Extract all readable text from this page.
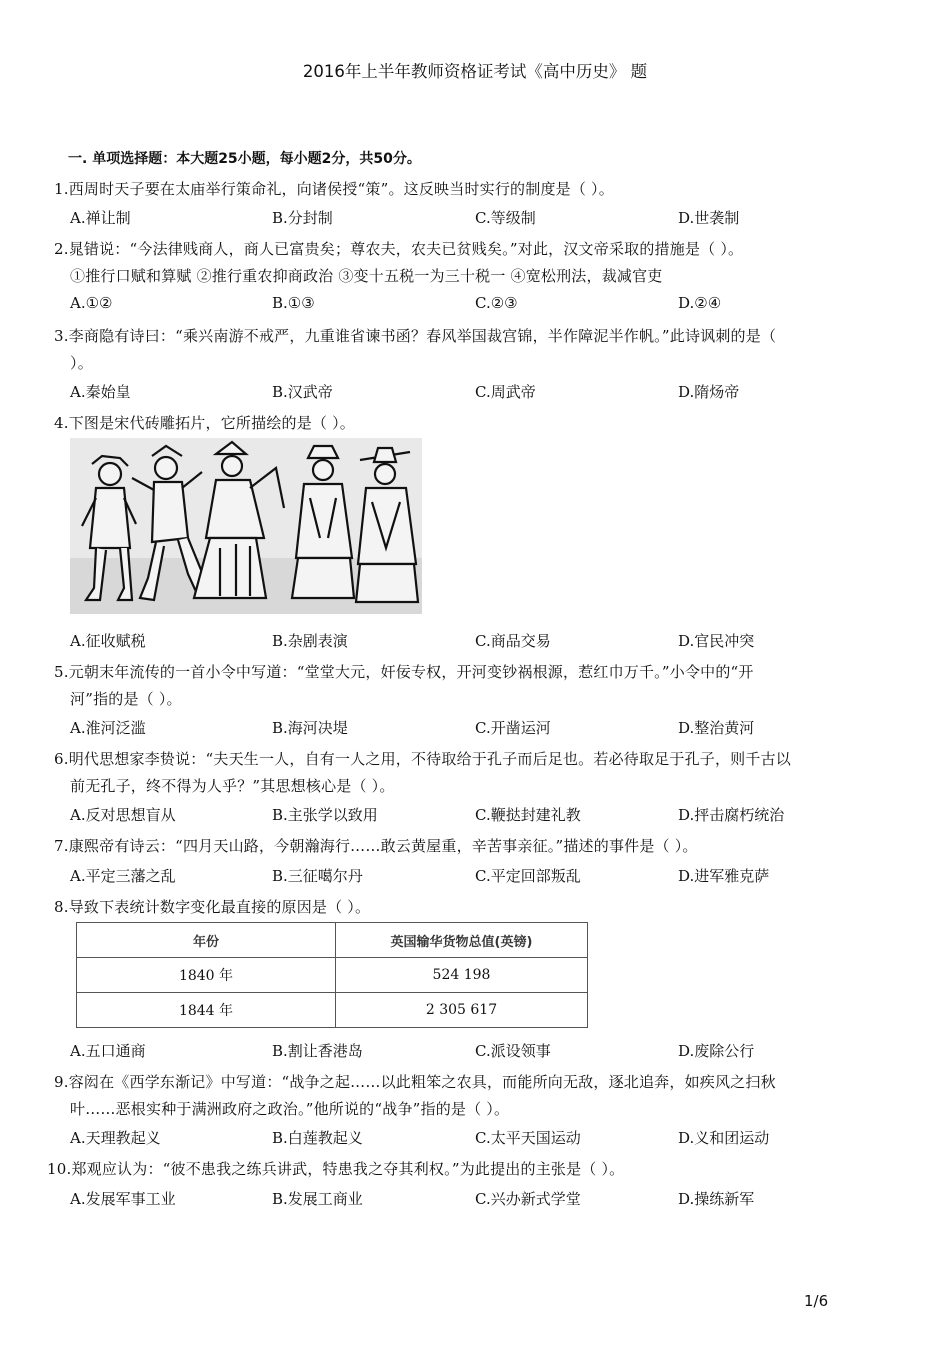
2016年上半年教师资格证考试《高中历史》 题
一. 单项选择题：本大题25小题，每小题2分，共50分。
1.西周时天子要在太庙举行策命礼，向诸侯授“策”。这反映当时实行的制度是（ ）。
A.禅让制	B.分封制	C.等级制	D.世袭制
2.晁错说：“今法律贱商人，商人已富贵矣；尊农夫，农夫已贫贱矣。”对此，汉文帝采取的措施是（ ）。
①推行口赋和算赋 ②推行重农抑商政治 ③变十五税一为三十税一 ④宽松刑法，裁减官吏
A.①②	B.①③	C.②③	D.②④
3.李商隐有诗曰：“乘兴南游不戒严，九重谁省谏书函？春风举国裁宫锦，半作障泥半作帆。”此诗讽刺的是（
）。
A.秦始皇	B.汉武帝	C.周武帝	D.隋炀帝
4.下图是宋代砖雕拓片，它所描绘的是（ ）。
A.征收赋税	B.杂剧表演	C.商品交易	D.官民冲突
5.元朝末年流传的一首小令中写道：“堂堂大元，奸佞专权，开河变钞祸根源，惹红巾万千。”小令中的“开
河”指的是（ ）。
A.淮河泛滥	B.海河决堤	C.开凿运河	D.整治黄河
6.明代思想家李贽说：“夫天生一人，自有一人之用，不待取给于孔子而后足也。若必待取足于孔子，则千古以
前无孔子，终不得为人乎？”其思想核心是（ ）。
A.反对思想盲从	B.主张学以致用	C.鞭挞封建礼教	D.抨击腐朽统治
7.康熙帝有诗云：“四月天山路，今朝瀚海行……敢云黄屋重，辛苦事亲征。”描述的事件是（ ）。
A.平定三藩之乱	B.三征噶尔丹	C.平定回部叛乱	D.进军雅克萨
8.导致下表统计数字变化最直接的原因是（ ）。
年份	英国输华货物总值(英镑)
1840 年	524 198
1844 年	2 305 617
A.五口通商	B.割让香港岛	C.派设领事	D.废除公行
9.容闳在《西学东渐记》中写道：“战争之起……以此粗笨之农具，而能所向无敌，逐北追奔，如疾风之扫秋
叶……恶根实种于满洲政府之政治。”他所说的“战争”指的是（ ）。
A.天理教起义	B.白莲教起义	C.太平天国运动	D.义和团运动
10.郑观应认为：“彼不患我之练兵讲武，特患我之夺其利权。”为此提出的主张是（ ）。
A.发展军事工业	B.发展工商业	C.兴办新式学堂	D.操练新军
1/6
